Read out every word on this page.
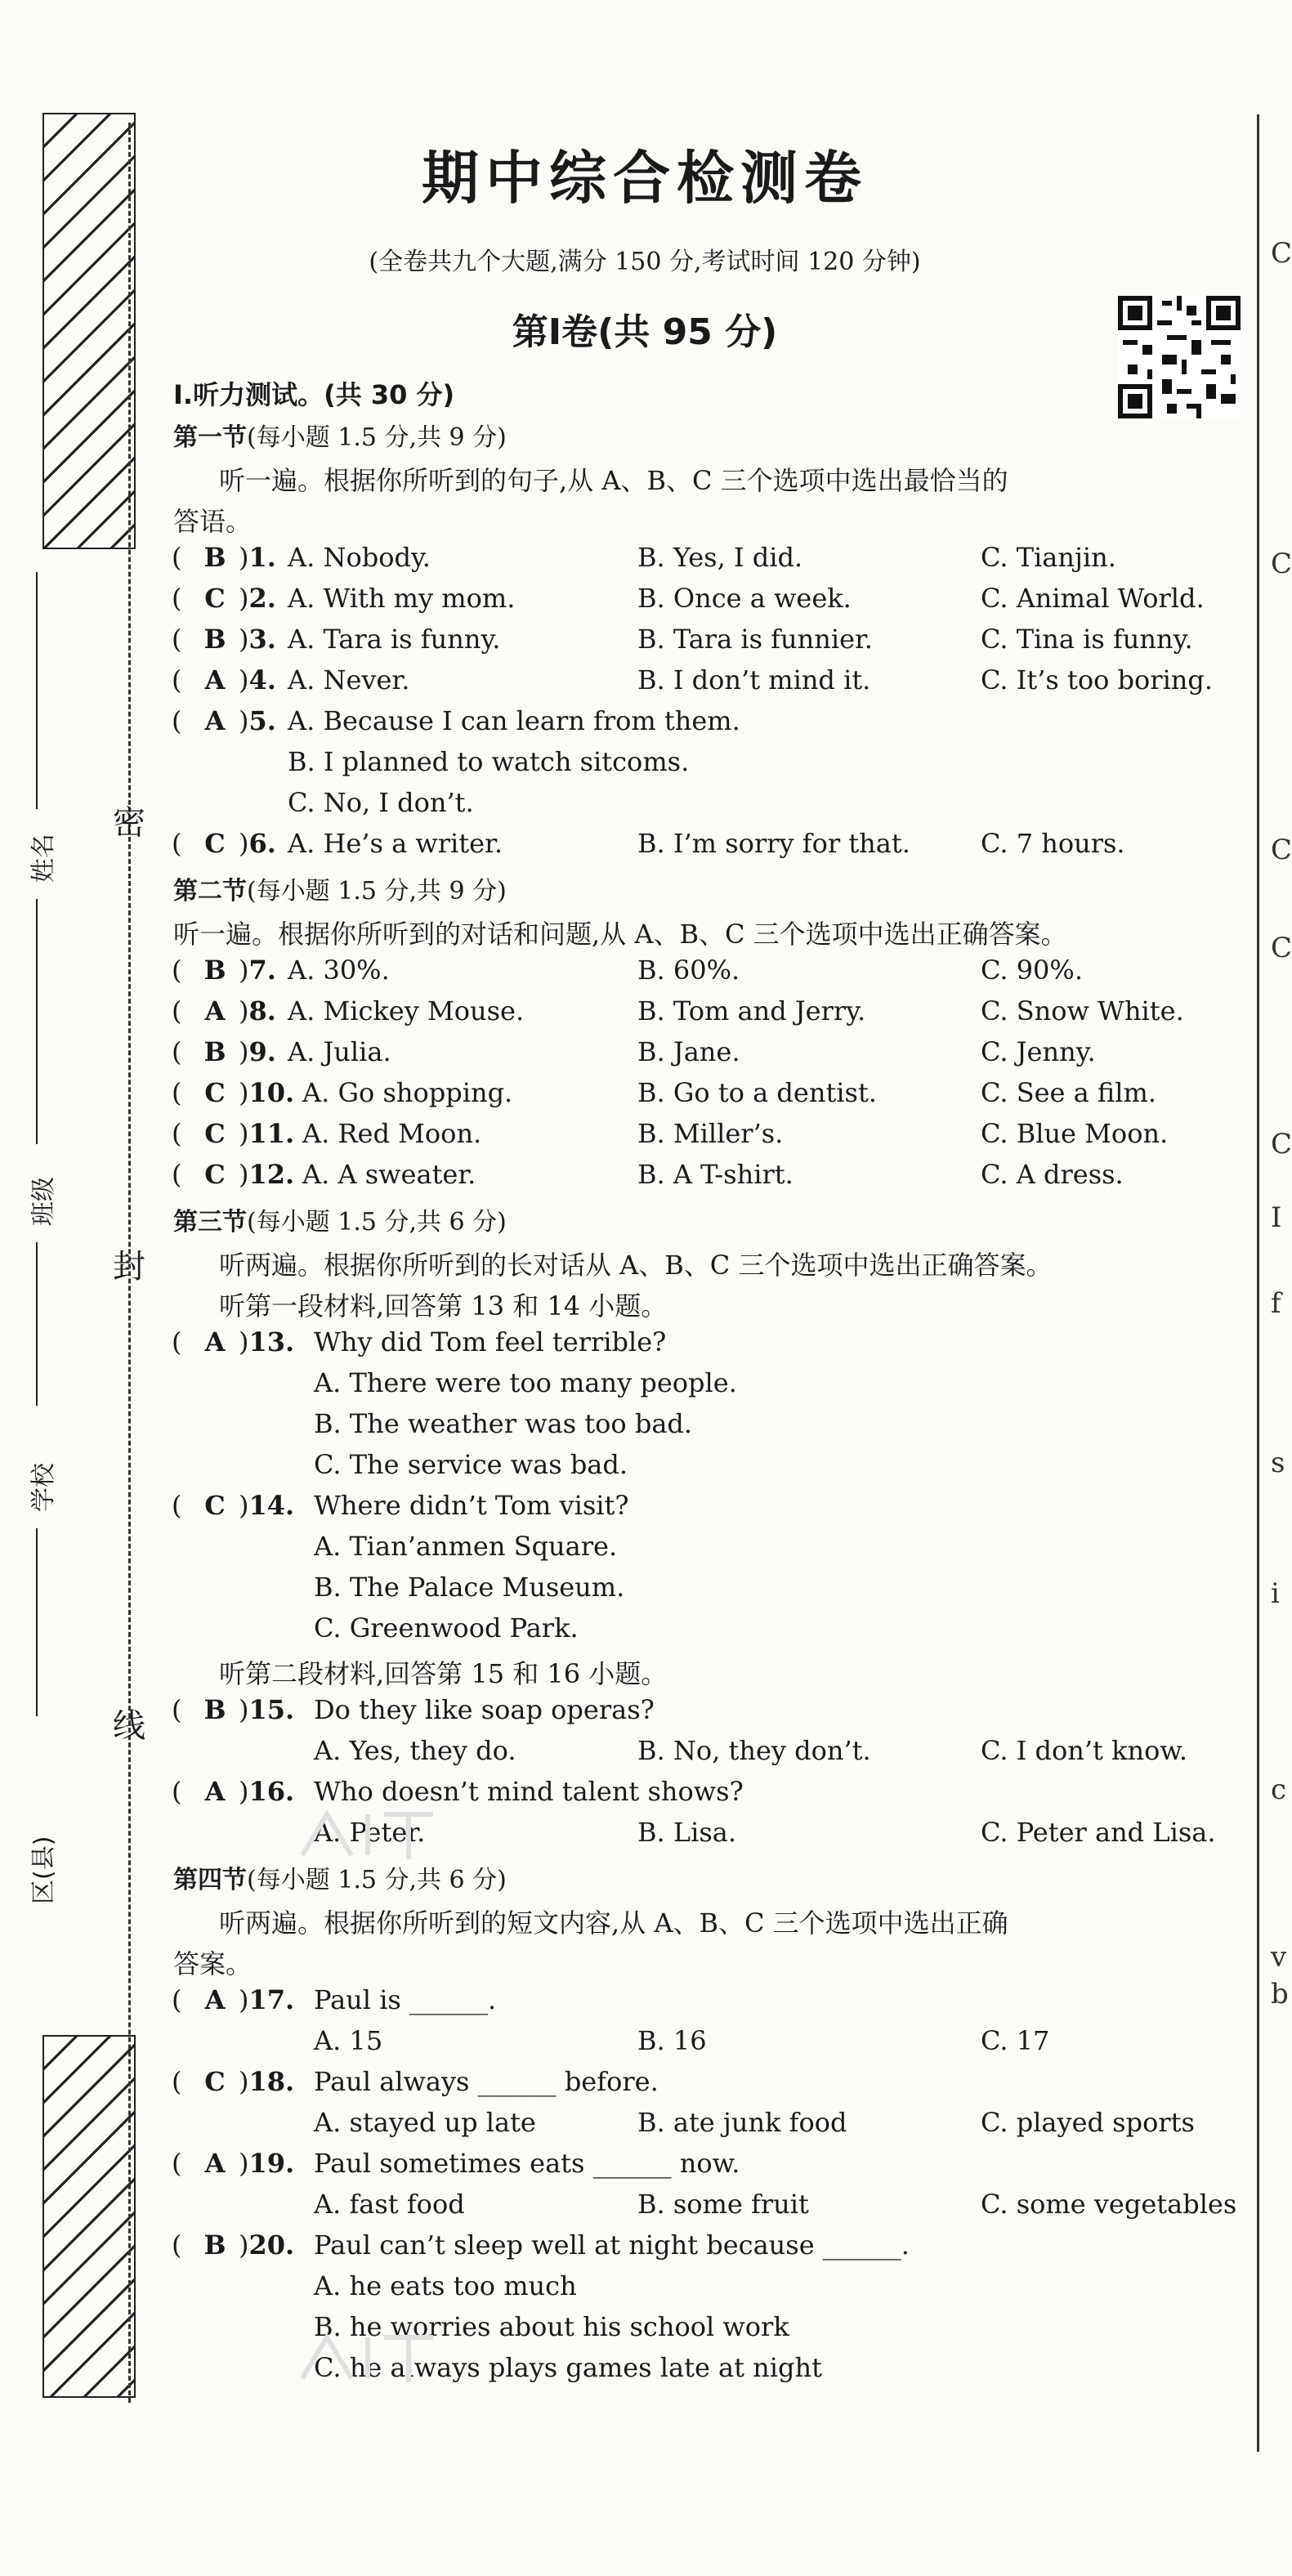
密
封
线
姓名
班级
学校
区(县)
C
C
C
C
C
I
f
s
i
c
v
b
期中综合检测卷
(全卷共九个大题,满分 150 分,考试时间 120 分钟)
第Ⅰ卷(共 95 分)
Ⅰ.听力测试。(共 30 分)
第一节(每小题 1.5 分,共 9 分)
听一遍。根据你所听到的句子,从 A、B、C 三个选项中选出最恰当的
答语。
( B )1. A. Nobody.	B. Yes, I did.	C. Tianjin.
( C )2. A. With my mom.	B. Once a week.	C. Animal World.
( B )3. A. Tara is funny.	B. Tara is funnier.	C. Tina is funny.
( A )4. A. Never.	B. I don’t mind it.	C. It’s too boring.
( A )5. A. Because I can learn from them.
B. I planned to watch sitcoms.
C. No, I don’t.
( C )6. A. He’s a writer.	B. I’m sorry for that.	C. 7 hours.
第二节(每小题 1.5 分,共 9 分)
听一遍。根据你所听到的对话和问题,从 A、B、C 三个选项中选出正确答案。
( B )7. A. 30%.	B. 60%.	C. 90%.
( A )8. A. Mickey Mouse.	B. Tom and Jerry.	C. Snow White.
( B )9. A. Julia.	B. Jane.	C. Jenny.
( C )10. A. Go shopping.	B. Go to a dentist.	C. See a film.
( C )11. A. Red Moon.	B. Miller’s.	C. Blue Moon.
( C )12. A. A sweater.	B. A T-shirt.	C. A dress.
第三节(每小题 1.5 分,共 6 分)
听两遍。根据你所听到的长对话从 A、B、C 三个选项中选出正确答案。
听第一段材料,回答第 13 和 14 小题。
( A )13. Why did Tom feel terrible?
A. There were too many people.
B. The weather was too bad.
C. The service was bad.
( C )14. Where didn’t Tom visit?
A. Tian’anmen Square.
B. The Palace Museum.
C. Greenwood Park.
听第二段材料,回答第 15 和 16 小题。
( B )15. Do they like soap operas?
A. Yes, they do.	B. No, they don’t.	C. I don’t know.
( A )16. Who doesn’t mind talent shows?
A. Peter.	B. Lisa.	C. Peter and Lisa.
第四节(每小题 1.5 分,共 6 分)
听两遍。根据你所听到的短文内容,从 A、B、C 三个选项中选出正确
答案。
( A )17. Paul is ______.
A. 15	B. 16	C. 17
( C )18. Paul always ______ before.
A. stayed up late	B. ate junk food	C. played sports
( A )19. Paul sometimes eats ______ now.
A. fast food	B. some fruit	C. some vegetables
( B )20. Paul can’t sleep well at night because ______.
A. he eats too much
B. he worries about his school work
C. he always plays games late at night
